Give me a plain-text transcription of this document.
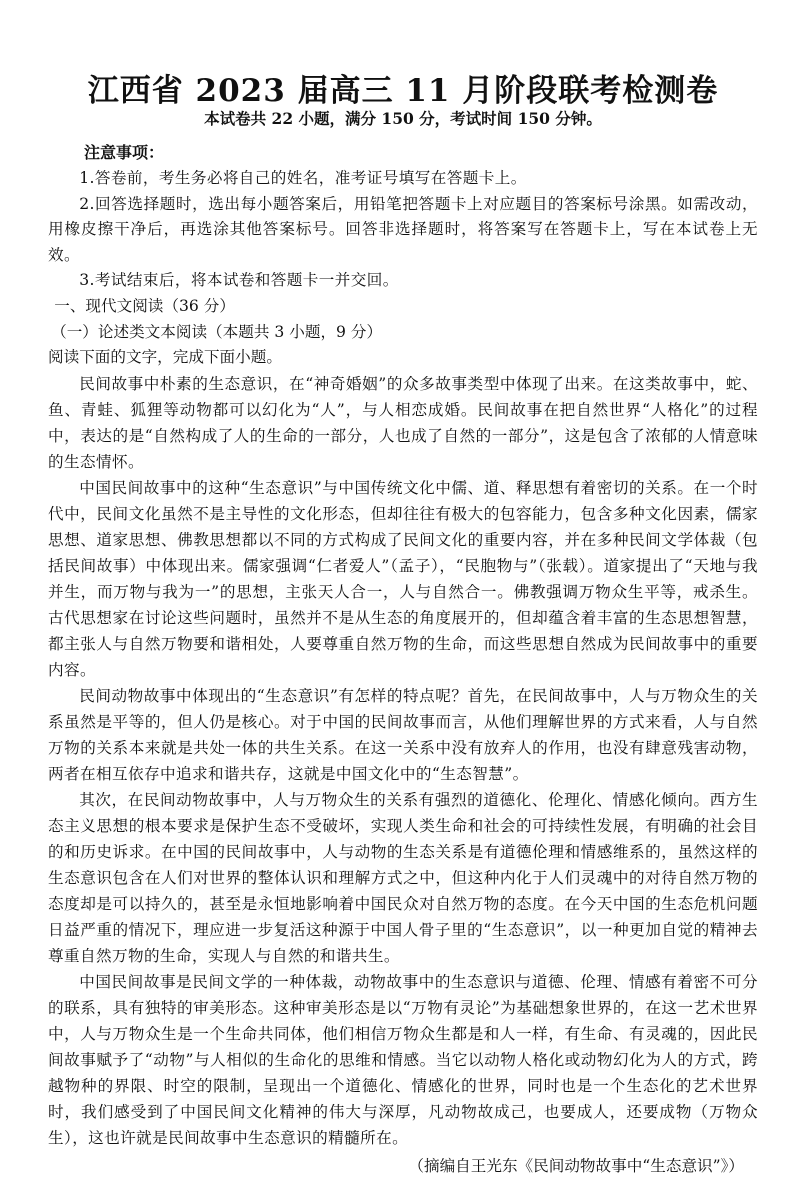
江西省 2023 届高三 11 月阶段联考检测卷
本试卷共 22 小题，满分 150 分，考试时间 150 分钟。
注意事项：

1.答卷前，考生务必将自己的姓名，准考证号填写在答题卡上。

2.回答选择题时，选出每小题答案后，用铅笔把答题卡上对应题目的答案标号涂黑。如需改动，用橡皮擦干净后，再选涂其他答案标号。回答非选择题时，将答案写在答题卡上，写在本试卷上无效。

3.考试结束后，将本试卷和答题卡一并交回。

一、现代文阅读（36 分）
（一）论述类文本阅读（本题共 3 小题，9 分）
阅读下面的文字，完成下面小题。

民间故事中朴素的生态意识，在“神奇婚姻”的众多故事类型中体现了出来。在这类故事中，蛇、鱼、青蛙、狐狸等动物都可以幻化为“人”，与人相恋成婚。民间故事在把自然世界“人格化”的过程中，表达的是“自然构成了人的生命的一部分，人也成了自然的一部分”，这是包含了浓郁的人情意味的生态情怀。

中国民间故事中的这种“生态意识”与中国传统文化中儒、道、释思想有着密切的关系。在一个时代中，民间文化虽然不是主导性的文化形态，但却往往有极大的包容能力，包含多种文化因素，儒家思想、道家思想、佛教思想都以不同的方式构成了民间文化的重要内容，并在多种民间文学体裁（包括民间故事）中体现出来。儒家强调“仁者爱人”（孟子），“民胞物与”（张载）。道家提出了“天地与我并生，而万物与我为一”的思想，主张天人合一，人与自然合一。佛教强调万物众生平等，戒杀生。古代思想家在讨论这些问题时，虽然并不是从生态的角度展开的，但却蕴含着丰富的生态思想智慧，都主张人与自然万物要和谐相处，人要尊重自然万物的生命，而这些思想自然成为民间故事中的重要内容。

民间动物故事中体现出的“生态意识”有怎样的特点呢？首先，在民间故事中，人与万物众生的关系虽然是平等的，但人仍是核心。对于中国的民间故事而言，从他们理解世界的方式来看，人与自然万物的关系本来就是共处一体的共生关系。在这一关系中没有放弃人的作用，也没有肆意残害动物，两者在相互依存中追求和谐共存，这就是中国文化中的“生态智慧”。

其次，在民间动物故事中，人与万物众生的关系有强烈的道德化、伦理化、情感化倾向。西方生态主义思想的根本要求是保护生态不受破坏，实现人类生命和社会的可持续性发展，有明确的社会目的和历史诉求。在中国的民间故事中，人与动物的生态关系是有道德伦理和情感维系的，虽然这样的生态意识包含在人们对世界的整体认识和理解方式之中，但这种内化于人们灵魂中的对待自然万物的态度却是可以持久的，甚至是永恒地影响着中国民众对自然万物的态度。在今天中国的生态危机问题日益严重的情况下，理应进一步复活这种源于中国人骨子里的“生态意识”，以一种更加自觉的精神去尊重自然万物的生命，实现人与自然的和谐共生。

中国民间故事是民间文学的一种体裁，动物故事中的生态意识与道德、伦理、情感有着密不可分的联系，具有独特的审美形态。这种审美形态是以“万物有灵论”为基础想象世界的，在这一艺术世界中，人与万物众生是一个生命共同体，他们相信万物众生都是和人一样，有生命、有灵魂的，因此民间故事赋予了“动物”与人相似的生命化的思维和情感。当它以动物人格化或动物幻化为人的方式，跨越物种的界限、时空的限制，呈现出一个道德化、情感化的世界，同时也是一个生态化的艺术世界时，我们感受到了中国民间文化精神的伟大与深厚，凡动物故成己，也要成人，还要成物（万物众生），这也许就是民间故事中生态意识的精髓所在。

（摘编自王光东《民间动物故事中“生态意识”》）
